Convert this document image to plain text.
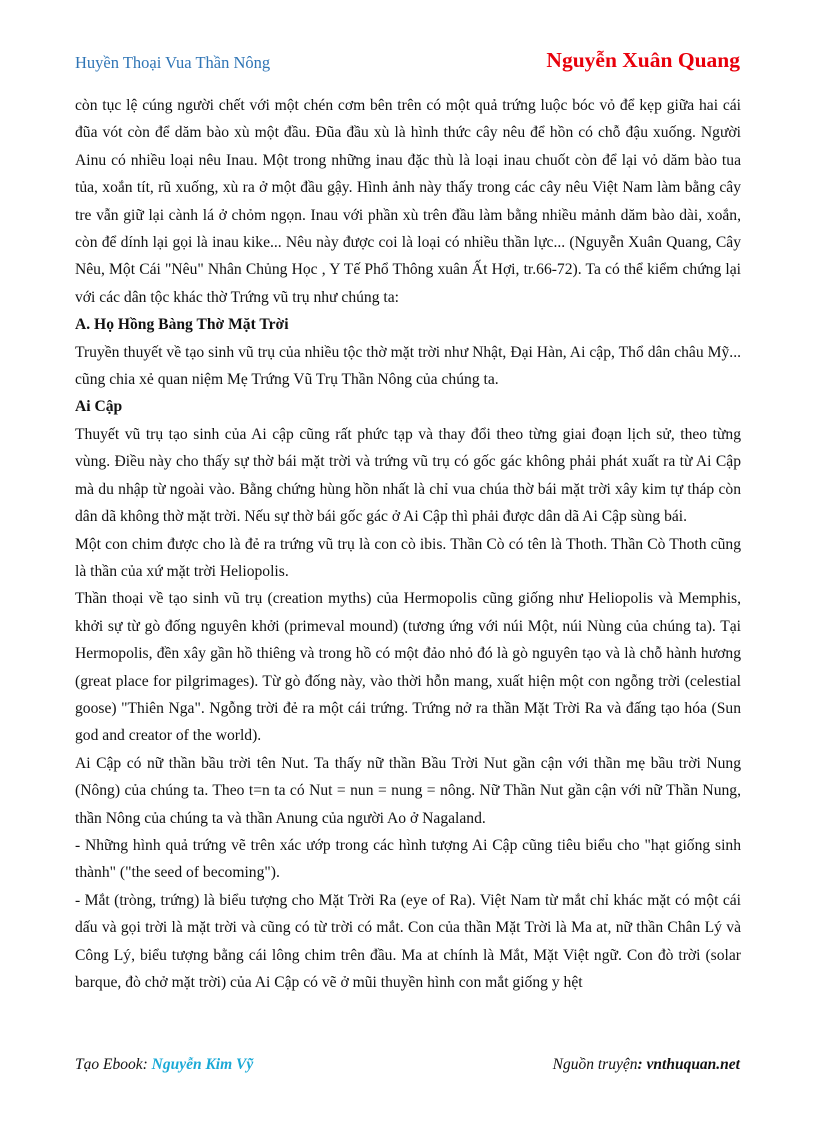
Huyền Thoại Vua Thần Nông	Nguyễn Xuân Quang

còn tục lệ cúng người chết với một chén cơm bên trên có một quả trứng luộc bóc vỏ để kẹp giữa hai cái đũa vót còn để dăm bào xù một đầu. Đũa đầu xù là hình thức cây nêu để hồn có chỗ đậu xuống. Người Ainu có nhiều loại nêu Inau. Một trong những inau đặc thù là loại inau chuốt còn để lại vỏ dăm bào tua tủa, xoắn tít, rũ xuống, xù ra ở một đầu gậy. Hình ảnh này thấy trong các cây nêu Việt Nam làm bằng cây tre vẫn giữ lại cành lá ở chỏm ngọn. Inau với phần xù trên đầu làm bằng nhiều mảnh dăm bào dài, xoắn, còn để dính lại gọi là inau kike... Nêu này được coi là loại có nhiều thần lực... (Nguyễn Xuân Quang, Cây Nêu, Một Cái "Nêu" Nhân Chủng Học , Y Tế Phổ Thông xuân Ất Hợi, tr.66-72). Ta có thể kiểm chứng lại với các dân tộc khác thờ Trứng vũ trụ như chúng ta:

A. Họ Hồng Bàng Thờ Mặt Trời

Truyền thuyết về tạo sinh vũ trụ của nhiều tộc thờ mặt trời như Nhật, Đại Hàn, Ai cập, Thổ dân châu Mỹ... cũng chia xẻ quan niệm Mẹ Trứng Vũ Trụ Thần Nông của chúng ta.

Ai Cập

Thuyết vũ trụ tạo sinh của Ai cập cũng rất phức tạp và thay đổi theo từng giai đoạn lịch sử, theo từng vùng. Điều này cho thấy sự thờ bái mặt trời và trứng vũ trụ có gốc gác không phải phát xuất ra từ Ai Cập mà du nhập từ ngoài vào. Bằng chứng hùng hồn nhất là chỉ vua chúa thờ bái mặt trời xây kim tự tháp còn dân dã không thờ mặt trời. Nếu sự thờ bái gốc gác ở Ai Cập thì phải được dân dã Ai Cập sùng bái.

Một con chim được cho là đẻ ra trứng vũ trụ là con cò ibis. Thần Cò có tên là Thoth. Thần Cò Thoth cũng là thần của xứ mặt trời Heliopolis.

Thần thoại về tạo sinh vũ trụ (creation myths) của Hermopolis cũng giống như Heliopolis và Memphis, khởi sự từ gò đống nguyên khởi (primeval mound) (tương ứng với núi Một, núi Nùng của chúng ta). Tại Hermopolis, đền xây gần hồ thiêng và trong hồ có một đảo nhỏ đó là gò nguyên tạo và là chỗ hành hương (great place for pilgrimages). Từ gò đống này, vào thời hỗn mang, xuất hiện một con ngỗng trời (celestial goose) "Thiên Nga". Ngỗng trời đẻ ra một cái trứng. Trứng nở ra thần Mặt Trời Ra và đấng tạo hóa (Sun god and creator of the world).

Ai Cập có nữ thần bầu trời tên Nut. Ta thấy nữ thần Bầu Trời Nut gần cận với thần mẹ bầu trời Nung (Nông) của chúng ta. Theo t=n ta có Nut = nun = nung = nông. Nữ Thần Nut gần cận với nữ Thần Nung, thần Nông của chúng ta và thần Anung của người Ao ở Nagaland.

- Những hình quả trứng vẽ trên xác ướp trong các hình tượng Ai Cập cũng tiêu biểu cho "hạt giống sinh thành" ("the seed of becoming").

- Mắt (tròng, trứng) là biểu tượng cho Mặt Trời Ra (eye of Ra). Việt Nam từ mắt chỉ khác mặt có một cái dấu và gọi trời là mặt trời và cũng có từ trời có mắt. Con của thần Mặt Trời là Ma at, nữ thần Chân Lý và Công Lý, biểu tượng bằng cái lông chim trên đầu. Ma at chính là Mắt, Mặt Việt ngữ. Con đò trời (solar barque, đò chở mặt trời) của Ai Cập có vẽ ở mũi thuyền hình con mắt giống y hệt

Tạo Ebook: Nguyễn Kim Vỹ	Nguồn truyện: vnthuquan.net
